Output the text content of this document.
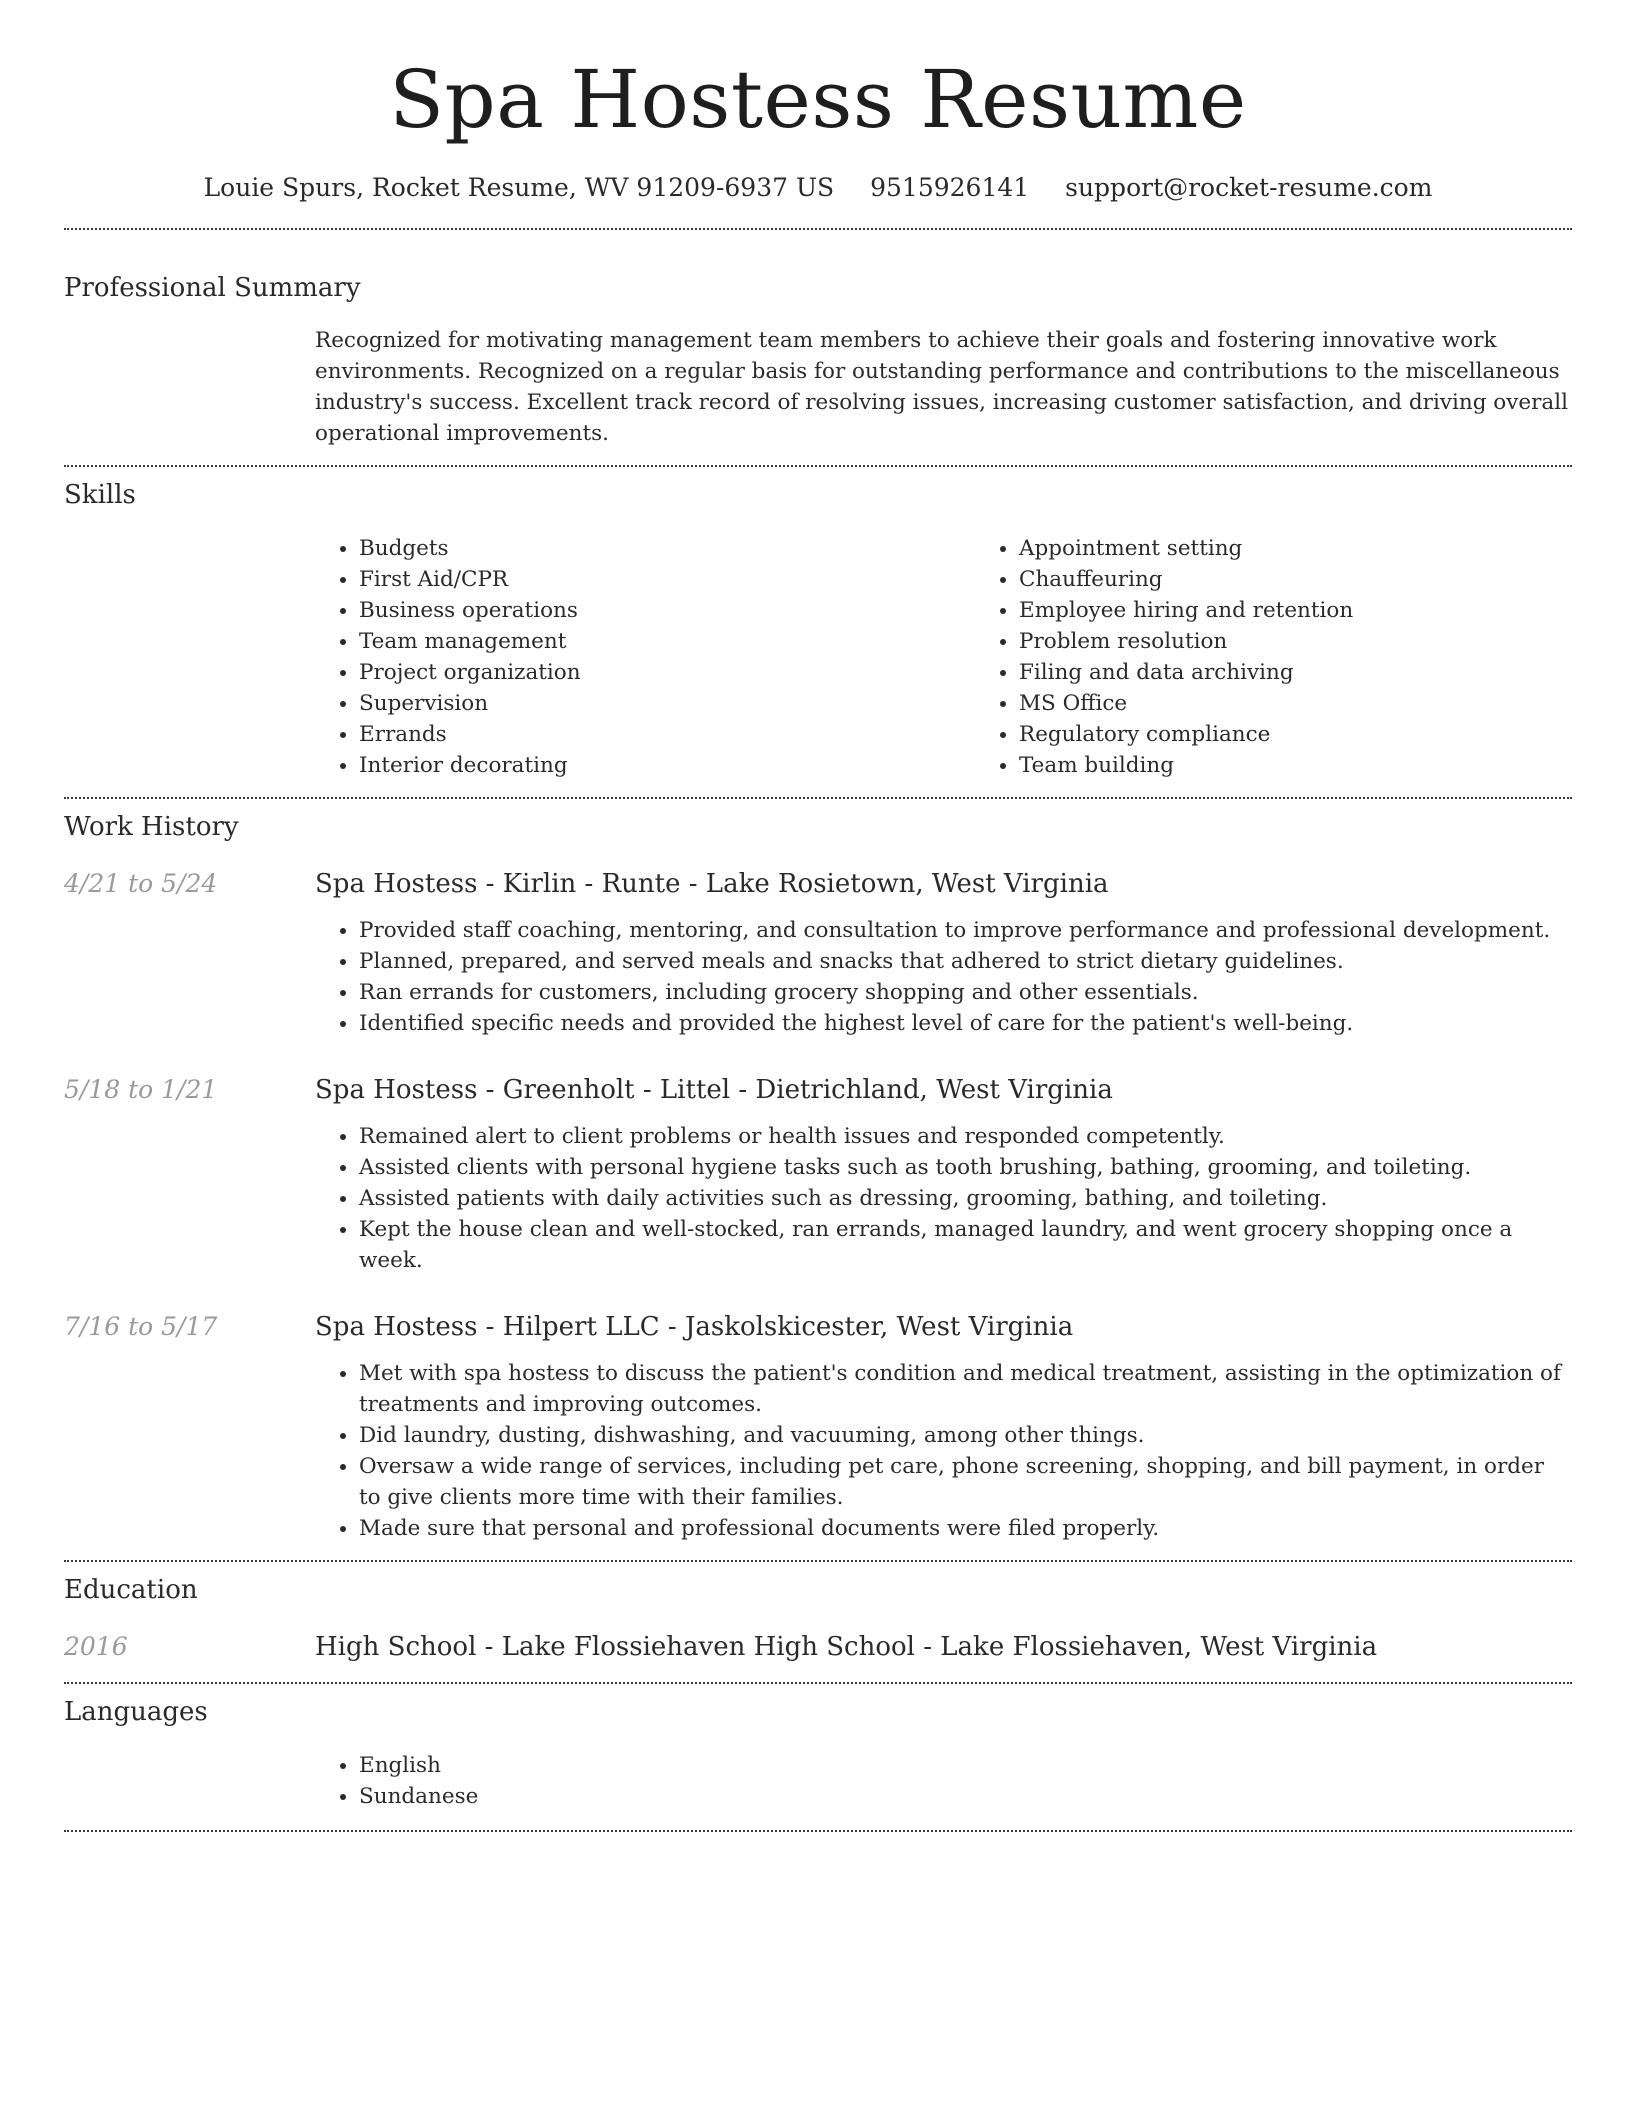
Spa Hostess Resume
Louie Spurs, Rocket Resume, WV 91209-6937 US 9515926141 support@rocket-resume.com
Professional Summary
Recognized for motivating management team members to achieve their goals and fostering innovative work environments. Recognized on a regular basis for outstanding performance and contributions to the miscellaneous industry's success. Excellent track record of resolving issues, increasing customer satisfaction, and driving overall operational improvements.
Skills
• Budgets
• First Aid/CPR
• Business operations
• Team management
• Project organization
• Supervision
• Errands
• Interior decorating
• Appointment setting
• Chauffeuring
• Employee hiring and retention
• Problem resolution
• Filing and data archiving
• MS Office
• Regulatory compliance
• Team building
Work History
4/21 to 5/24	Spa Hostess - Kirlin - Runte - Lake Rosietown, West Virginia
• Provided staff coaching, mentoring, and consultation to improve performance and professional development.
• Planned, prepared, and served meals and snacks that adhered to strict dietary guidelines.
• Ran errands for customers, including grocery shopping and other essentials.
• Identified specific needs and provided the highest level of care for the patient's well-being.
5/18 to 1/21	Spa Hostess - Greenholt - Littel - Dietrichland, West Virginia
• Remained alert to client problems or health issues and responded competently.
• Assisted clients with personal hygiene tasks such as tooth brushing, bathing, grooming, and toileting.
• Assisted patients with daily activities such as dressing, grooming, bathing, and toileting.
• Kept the house clean and well-stocked, ran errands, managed laundry, and went grocery shopping once a week.
7/16 to 5/17	Spa Hostess - Hilpert LLC - Jaskolskicester, West Virginia
• Met with spa hostess to discuss the patient's condition and medical treatment, assisting in the optimization of treatments and improving outcomes.
• Did laundry, dusting, dishwashing, and vacuuming, among other things.
• Oversaw a wide range of services, including pet care, phone screening, shopping, and bill payment, in order to give clients more time with their families.
• Made sure that personal and professional documents were filed properly.
Education
2016	High School - Lake Flossiehaven High School - Lake Flossiehaven, West Virginia
Languages
• English
• Sundanese
